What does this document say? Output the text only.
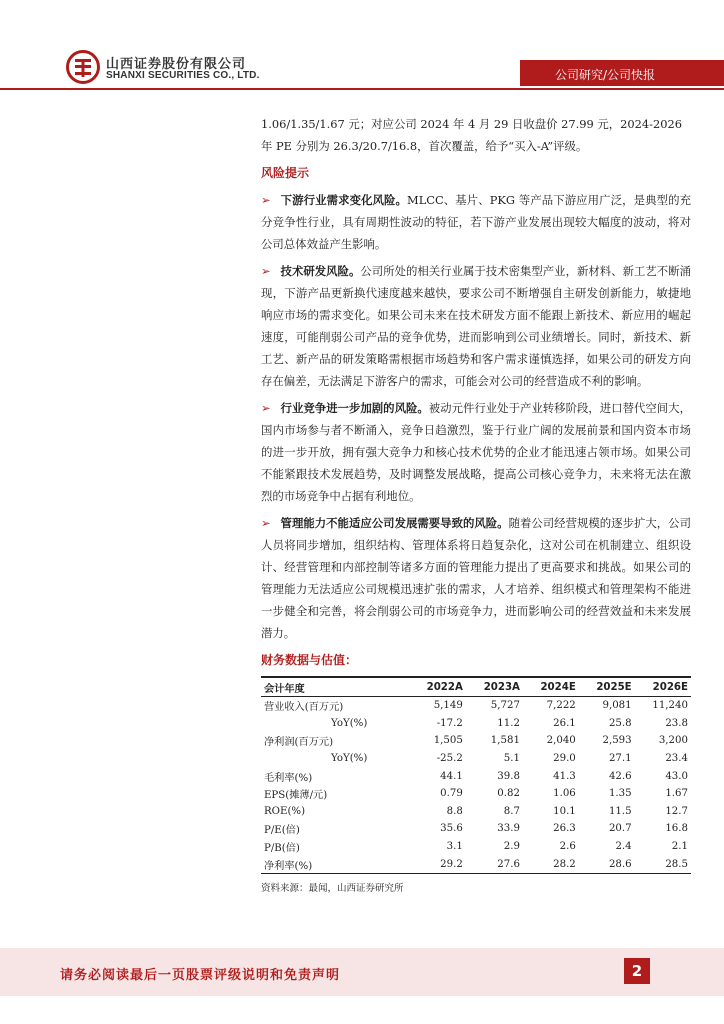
山西证券股份有限公司
SHANXI SECURITIES CO., LTD.	公司研究/公司快报

1.06/1.35/1.67 元；对应公司 2024 年 4 月 29 日收盘价 27.99 元，2024-2026
年 PE 分别为 26.3/20.7/16.8，首次覆盖，给予“买入-A”评级。

风险提示

➢ 下游行业需求变化风险。MLCC、基片、PKG 等产品下游应用广泛，是典型的充分竞争性行业，具有周期性波动的特征，若下游产业发展出现较大幅度的波动，将对公司总体效益产生影响。

➢ 技术研发风险。公司所处的相关行业属于技术密集型产业，新材料、新工艺不断涌现，下游产品更新换代速度越来越快，要求公司不断增强自主研发创新能力，敏捷地响应市场的需求变化。如果公司未来在技术研发方面不能跟上新技术、新应用的崛起速度，可能削弱公司产品的竞争优势，进而影响到公司业绩增长。同时，新技术、新工艺、新产品的研发策略需根据市场趋势和客户需求谨慎选择，如果公司的研发方向存在偏差，无法满足下游客户的需求，可能会对公司的经营造成不利的影响。

➢ 行业竞争进一步加剧的风险。被动元件行业处于产业转移阶段，进口替代空间大，国内市场参与者不断涌入，竞争日趋激烈，鉴于行业广阔的发展前景和国内资本市场的进一步开放，拥有强大竞争力和核心技术优势的企业才能迅速占领市场。如果公司不能紧跟技术发展趋势，及时调整发展战略，提高公司核心竞争力，未来将无法在激烈的市场竞争中占据有利地位。

➢ 管理能力不能适应公司发展需要导致的风险。随着公司经营规模的逐步扩大，公司人员将同步增加，组织结构、管理体系将日趋复杂化，这对公司在机制建立、组织设计、经营管理和内部控制等诸多方面的管理能力提出了更高要求和挑战。如果公司的管理能力无法适应公司规模迅速扩张的需求，人才培养、组织模式和管理架构不能进一步健全和完善，将会削弱公司的市场竞争力，进而影响公司的经营效益和未来发展潜力。

财务数据与估值：
会计年度	2022A	2023A	2024E	2025E	2026E
营业收入(百万元)	5,149	5,727	7,222	9,081	11,240
YoY(%)	-17.2	11.2	26.1	25.8	23.8
净利润(百万元)	1,505	1,581	2,040	2,593	3,200
YoY(%)	-25.2	5.1	29.0	27.1	23.4
毛利率(%)	44.1	39.8	41.3	42.6	43.0
EPS(摊薄/元)	0.79	0.82	1.06	1.35	1.67
ROE(%)	8.8	8.7	10.1	11.5	12.7
P/E(倍)	35.6	33.9	26.3	20.7	16.8
P/B(倍)	3.1	2.9	2.6	2.4	2.1
净利率(%)	29.2	27.6	28.2	28.6	28.5
资料来源：最闻，山西证券研究所
请务必阅读最后一页股票评级说明和免责声明	2
